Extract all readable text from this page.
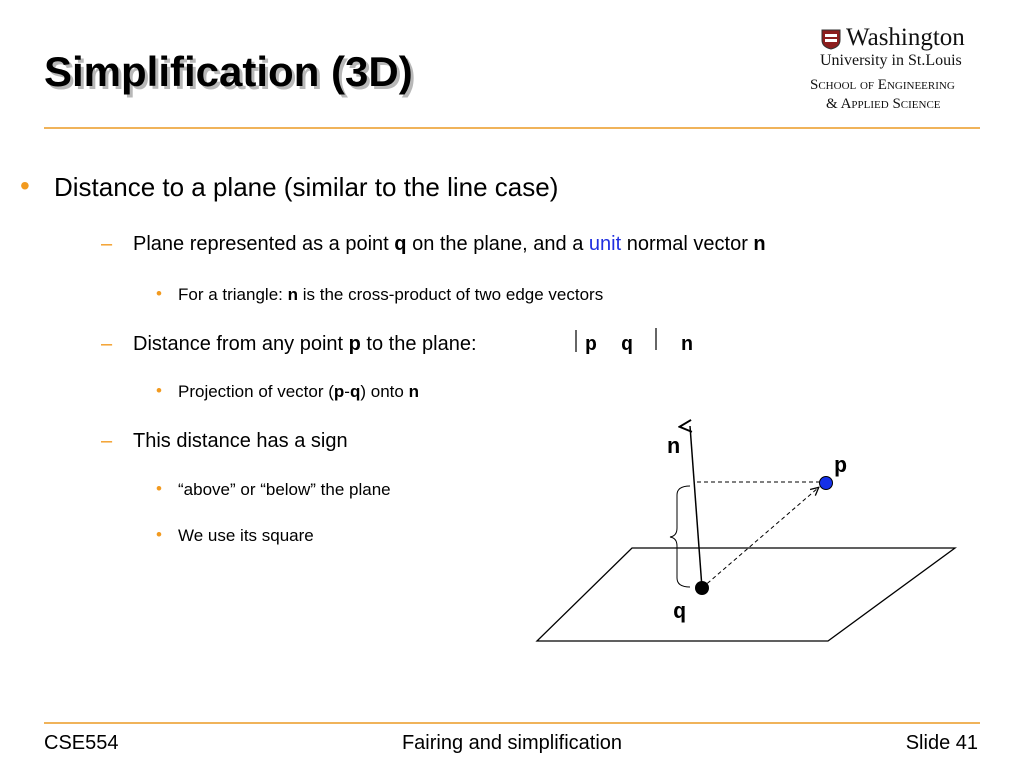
Simplification (3D)
Washington
University in St.Louis
School of Engineering
& Applied Science
• Distance to a plane (similar to the line case)
– Plane represented as a point q on the plane, and a unit normal vector n
• For a triangle: n is the cross-product of two edge vectors
– Distance from any point p to the plane:	p  q    n
• Projection of vector (p-q) onto n
– This distance has a sign
• “above” or “below” the plane
• We use its square
n
p
q
CSE554	Fairing and simplification	Slide 41
